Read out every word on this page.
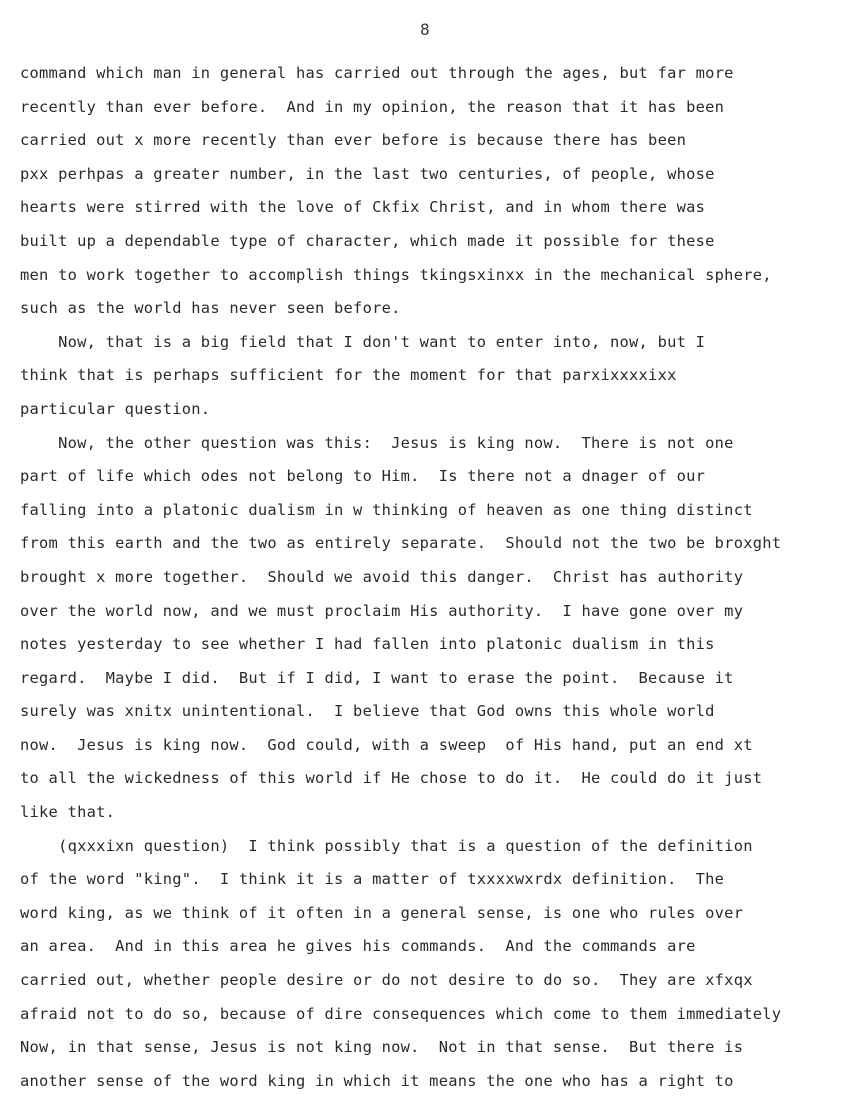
8
command which man in general has carried out through the ages, but far more
recently than ever before.  And in my opinion, the reason that it has been
carried out x more recently than ever before is because there has been
pxx perhpas a greater number, in the last two centuries, of people, whose
hearts were stirred with the love of Ckfix Christ, and in whom there was
built up a dependable type of character, which made it possible for these
men to work together to accomplish things tkingsxinxx in the mechanical sphere,
such as the world has never seen before.
Now, that is a big field that I don't want to enter into, now, but I
think that is perhaps sufficient for the moment for that parxixxxxixx
particular question.
Now, the other question was this:  Jesus is king now.  There is not one
part of life which odes not belong to Him.  Is there not a dnager of our
falling into a platonic dualism in w thinking of heaven as one thing distinct
from this earth and the two as entirely separate.  Should not the two be broxght
brought x more together.  Should we avoid this danger.  Christ has authority
over the world now, and we must proclaim His authority.  I have gone over my
notes yesterday to see whether I had fallen into platonic dualism in this
regard.  Maybe I did.  But if I did, I want to erase the point.  Because it
surely was xnitx unintentional.  I believe that God owns this whole world
now.  Jesus is king now.  God could, with a sweep  of His hand, put an end xt
to all the wickedness of this world if He chose to do it.  He could do it just
like that.
(qxxxixn question)  I think possibly that is a question of the definition
of the word "king".  I think it is a matter of txxxxwxrdx definition.  The
word king, as we think of it often in a general sense, is one who rules over
an area.  And in this area he gives his commands.  And the commands are
carried out, whether people desire or do not desire to do so.  They are xfxqx
afraid not to do so, because of dire consequences which come to them immediately
Now, in that sense, Jesus is not king now.  Not in that sense.  But there is
another sense of the word king in which it means the one who has a right to
